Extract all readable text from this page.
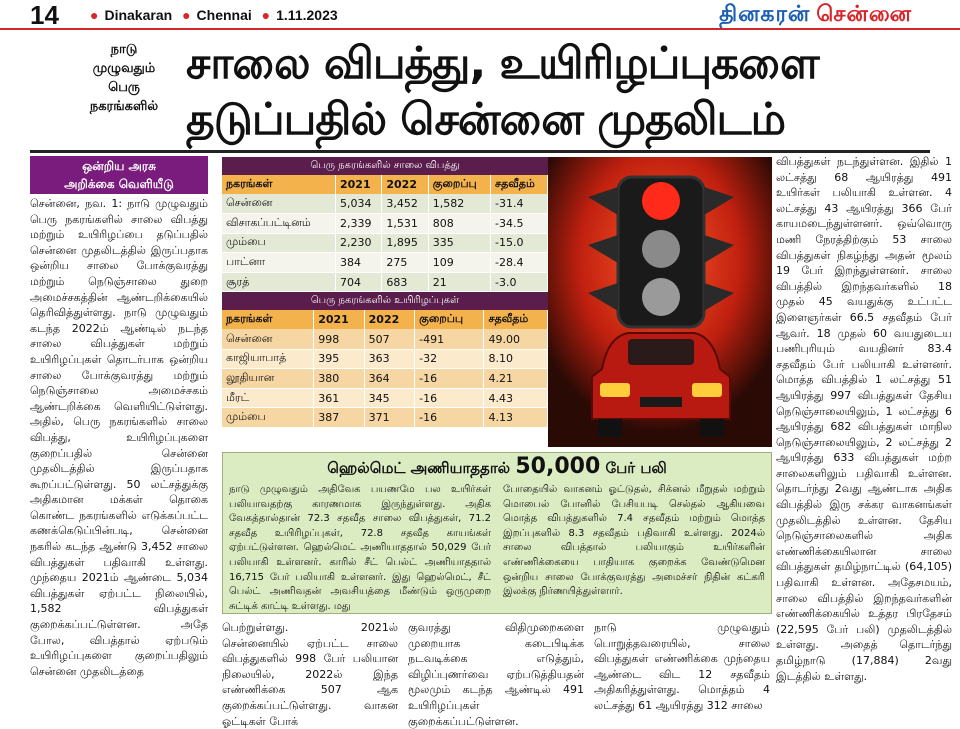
14	● Dinakaran ● Chennai ● 1.11.2023	தினகரன் சென்னை
நாடு
முழுவதும்
பெரு
நகரங்களில்
சாலை விபத்து, உயிரிழப்புகளை
தடுப்பதில் சென்னை முதலிடம்
ஒன்றிய அரசு
அறிக்கை வெளியீடு
சென்னை, நவ. 1: நாடு முழுவதும் பெரு நகரங்களில் சாலை விபத்து மற்றும் உயிரிழப்பை தடுப்பதில் சென்னை முதலிடத்தில் இருப்பதாக ஒன்றிய சாலை போக்குவரத்து மற்றும் நெடுஞ்சாலை துறை அமைச்சகத்தின் ஆண்டறிக்கையில் தெரிவித்துள்ளது. நாடு முழுவதும் கடந்த 2022ம் ஆண்டில் நடந்த சாலை விபத்துகள் மற்றும் உயிரிழப்புகள் தொடர்பாக ஒன்றிய சாலை போக்குவரத்து மற்றும் நெடுஞ்சாலை அமைச்சகம் ஆண்டறிக்கை வெளியிட்டுள்ளது. அதில், பெரு நகரங்களில் சாலை விபத்து, உயிரிழப்புகளை குறைப்பதில் சென்னை முதலிடத்தில் இருப்பதாக கூறப்பட்டுள்ளது. 50 லட்சத்துக்கு அதிகமான மக்கள் தொகை கொண்ட நகரங்களில் எடுக்கப்பட்ட கணக்கெடுப்பின்படி, சென்னை நகரில் கடந்த ஆண்டு 3,452 சாலை விபத்துகள் பதிவாகி உள்ளது. முந்தைய 2021ம் ஆண்டை 5,034 விபத்துகள் ஏற்பட்ட நிலையில், 1,582 விபத்துகள் குறைக்கப்பட்டுள்ளன. அதே போல, விபத்தால் ஏற்படும் உயிரிழப்புகளை குறைப்பதிலும் சென்னை முதலிடத்தை
பெரு நகரங்களில் சாலை விபத்து
நகரங்கள்	2021	2022	குறைப்பு	சதவீதம்
சென்னை	5,034	3,452	1,582	-31.4
விசாகப்பட்டினம்	2,339	1,531	808	-34.5
மும்பை	2,230	1,895	335	-15.0
பாட்னா	384	275	109	-28.4
சூரத்	704	683	21	-3.0
பெரு நகரங்களில் உயிரிழப்புகள்
நகரங்கள்	2021	2022	குறைப்பு	சதவீதம்
சென்னை	998	507	-491	49.00
காஜியாபாத்	395	363	-32	8.10
லூதியான	380	364	-16	4.21
மீரட்	361	345	-16	4.43
மும்பை	387	371	-16	4.13
ஹெல்மெட் அணியாததால் 50,000 பேர் பலி
நாடு முழுவதும் அதிவேக பயணமே பல உயிர்கள் பலியாவதற்கு காரணமாக இருந்துள்ளது. அதிக வேகத்தால்தான் 72.3 சதவீத சாலை விபத்துகள், 71.2 சதவீத உயிரிழப்புகள், 72.8 சதவீத காயங்கள் ஏற்பட்டுள்ளன. ஹெல்மெட் அணியாததால் 50,029 பேர் பலியாகி உள்ளனர். காரில் சீட் பெல்ட் அணியாததால் 16,715 பேர் பலியாகி உள்ளனர். இது ஹெல்மெட், சீட் பெல்ட் அணிவதன் அவசியத்தை மீண்டும் ஒருமுறை சுட்டிக் காட்டி உள்ளது. மது
போதையில் வாகனம் ஓட்டுதல், சிக்னல் மீறுதல் மற்றும் மொபைல் போனில் பேசியபடி செல்தல் ஆகியவை மொத்த விபத்துகளில் 7.4 சதவீதம் மற்றும் மொத்த இறப்புகளில் 8.3 சதவீதம் பதிவாகி உள்ளது. 2024ல் சாலை விபத்தால் பலியாகும் உயிர்களின் எண்ணிக்கையை பாதியாக குறைக்க வேண்டுமென ஒன்றிய சாலை போக்குவரத்து அமைச்சர் நிதின் கட்கரி இலக்கு நிர்ணயித்துள்ளார்.
பெற்றுள்ளது. 2021ல் சென்னையில் ஏற்பட்ட சாலை விபத்துகளில் 998 பேர் பலியான நிலையில், 2022ல் இந்த எண்ணிக்கை 507 ஆக குறைக்கப்பட்டுள்ளது. வாகன ஓட்டிகள் போக்
குவரத்து விதிமுறைகளை முறையாக கடைபிடிக்க நடவடிக்கை எடுத்தும், விழிப்புணர்வை ஏற்படுத்தியதன் மூலமும் கடந்த ஆண்டில் 491 உயிரிழப்புகள் குறைக்கப்பட்டுள்ளன.
நாடு முழுவதும் பொறுத்தவரையில், சாலை விபத்துகள் எண்ணிக்கை முந்தைய ஆண்டை விட 12 சதவீதம் அதிகரித்துள்ளது. மொத்தம் 4 லட்சத்து 61 ஆயிரத்து 312 சாலை
விபத்துகள் நடந்துள்ளன. இதில் 1 லட்சத்து 68 ஆயிரத்து 491 உயிர்கள் பலியாகி உள்ளன. 4 லட்சத்து 43 ஆயிரத்து 366 பேர் காயமடைந்துள்ளனர். ஒவ்வொரு மணி நேரத்திற்கும் 53 சாலை விபத்துகள் நிகழ்ந்து அதன் மூலம் 19 பேர் இறந்துள்ளனர். சாலை விபத்தில் இறந்தவர்களில் 18 முதல் 45 வயதுக்கு உட்பட்ட இளைஞர்கள் 66.5 சதவீதம் பேர் ஆவர். 18 முதல் 60 வயதுடைய பணிபுரியும் வயதினர் 83.4 சதவீதம் பேர் பலியாகி உள்ளனர். மொத்த விபத்தில் 1 லட்சத்து 51 ஆயிரத்து 997 விபத்துகள் தேசிய நெடுஞ்சாலையிலும், 1 லட்சத்து 6 ஆயிரத்து 682 விபத்துகள் மாநில நெடுஞ்சாலையிலும், 2 லட்சத்து 2 ஆயிரத்து 633 விபத்துகள் மற்ற சாலைகளிலும் பதிவாகி உள்ளன. தொடர்ந்து 2வது ஆண்டாக அதிக விபத்தில் இரு சக்கர வாகனங்கள் முதலிடத்தில் உள்ளன. தேசிய நெடுஞ்சாலைகளில் அதிக எண்ணிக்கையிலான சாலை விபத்துகள் தமிழ்நாட்டில் (64,105) பதிவாகி உள்ளன. அதேசமயம், சாலை விபத்தில் இறந்தவர்களின் எண்ணிக்கையில் உத்தர பிரதேசம் (22,595 பேர் பலி) முதலிடத்தில் உள்ளது. அதைத் தொடர்ந்து தமிழ்நாடு (17,884) 2வது இடத்தில் உள்ளது.
